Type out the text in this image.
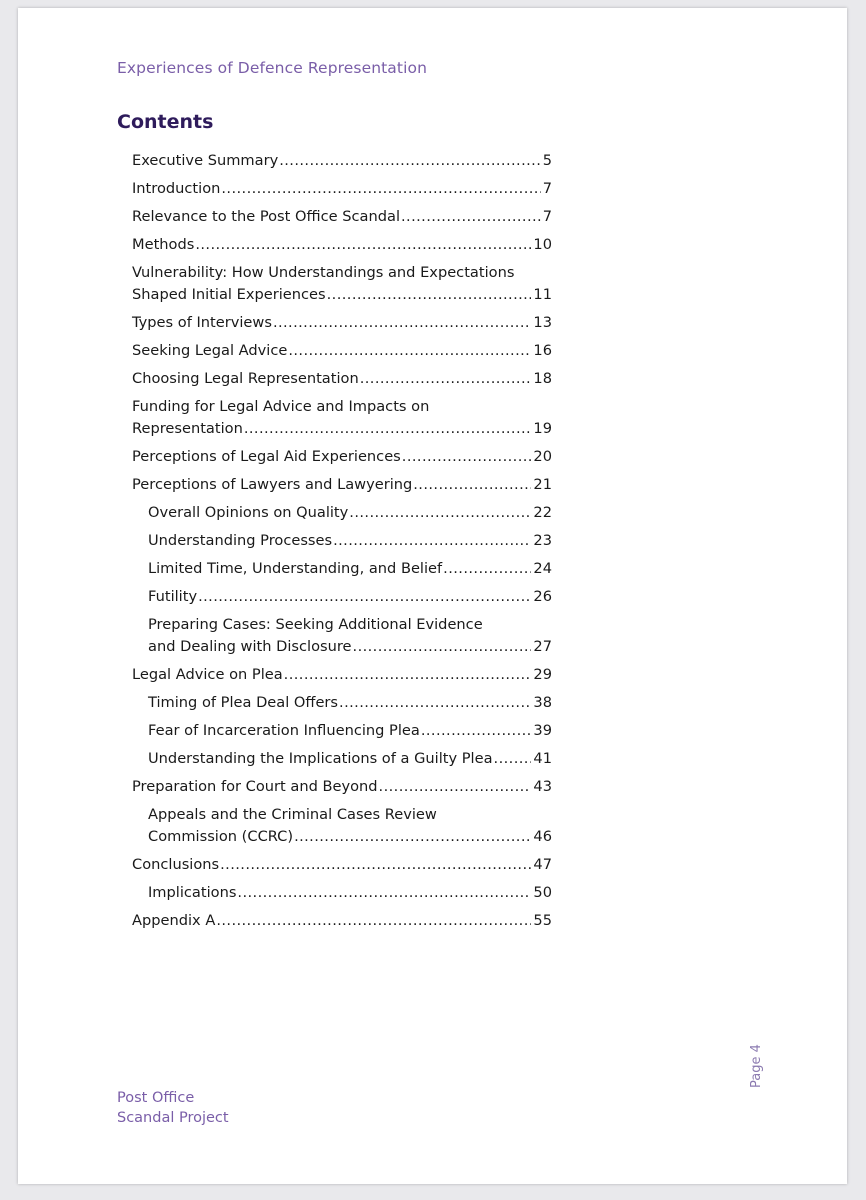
Experiences of Defence Representation
Contents
Executive Summary .....	5
Introduction .....	7
Relevance to the Post Office Scandal .....	7
Methods .....	10
Vulnerability: How Understandings and Expectations
Shaped Initial Experiences .....	11
Types of Interviews .....	13
Seeking Legal Advice .....	16
Choosing Legal Representation .....	18
Funding for Legal Advice and Impacts on
Representation .....	19
Perceptions of Legal Aid Experiences .....	20
Perceptions of Lawyers and Lawyering .....	21
Overall Opinions on Quality .....	22
Understanding Processes .....	23
Limited Time, Understanding, and Belief .....	24
Futility .....	26
Preparing Cases: Seeking Additional Evidence
and Dealing with Disclosure .....	27
Legal Advice on Plea .....	29
Timing of Plea Deal Offers .....	38
Fear of Incarceration Influencing Plea .....	39
Understanding the Implications of a Guilty Plea .....	41
Preparation for Court and Beyond .....	43
Appeals and the Criminal Cases Review
Commission (CCRC) .....	46
Conclusions .....	47
Implications .....	50
Appendix A .....	55
Post Office
Scandal Project
Page 4
